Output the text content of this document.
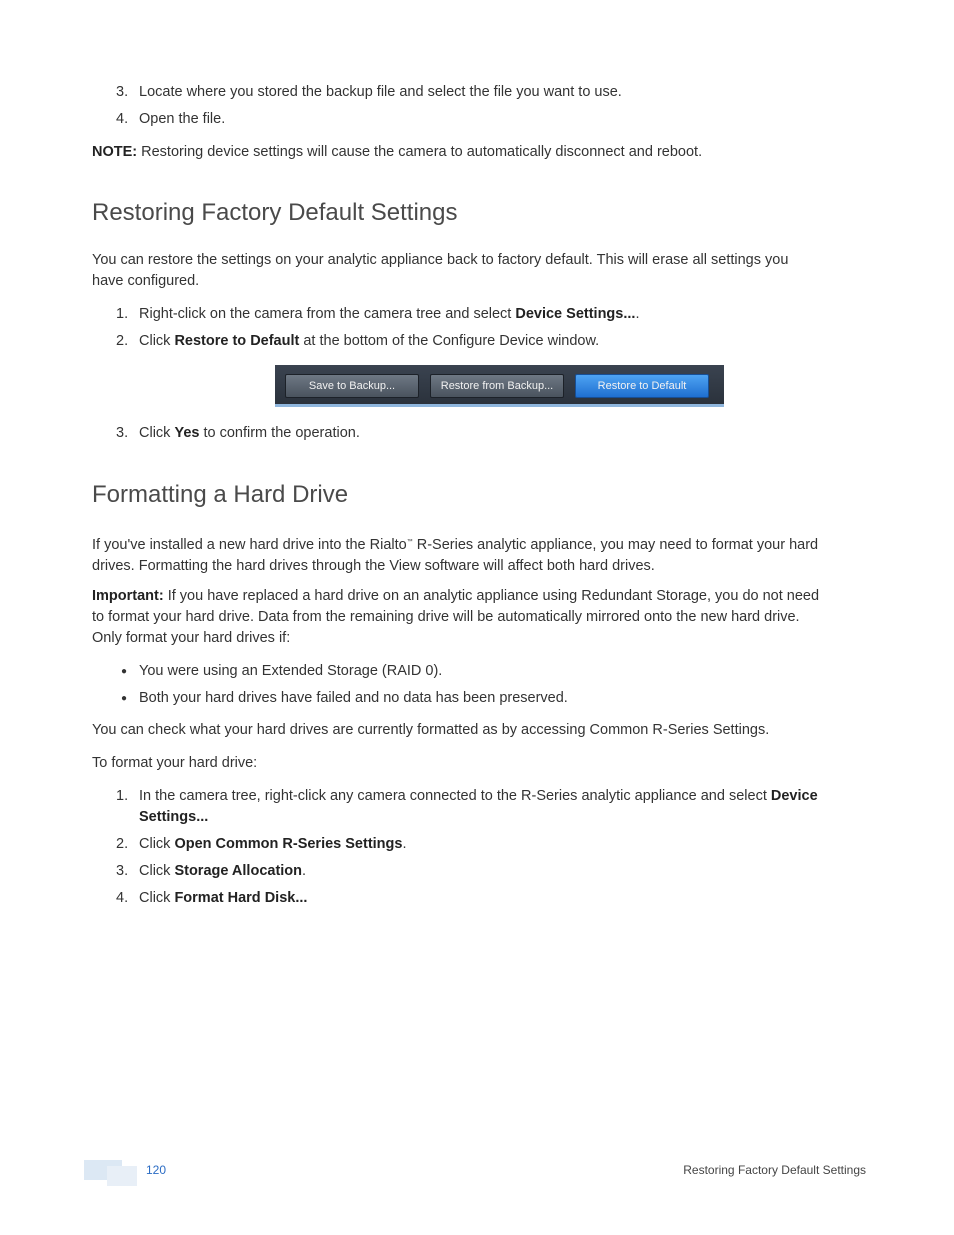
3. Locate where you stored the backup file and select the file you want to use.
4. Open the file.
NOTE: Restoring device settings will cause the camera to automatically disconnect and reboot.
Restoring Factory Default Settings
You can restore the settings on your analytic appliance back to factory default. This will erase all settings you
have configured.
1. Right-click on the camera from the camera tree and select Device Settings....
2. Click Restore to Default at the bottom of the Configure Device window.
Save to Backup...	Restore from Backup...	Restore to Default
3. Click Yes to confirm the operation.
Formatting a Hard Drive
If you've installed a new hard drive into the Rialto™ R-Series analytic appliance, you may need to format your hard
drives. Formatting the hard drives through the View software will affect both hard drives.
Important: If you have replaced a hard drive on an analytic appliance using Redundant Storage, you do not need
to format your hard drive. Data from the remaining drive will be automatically mirrored onto the new hard drive.
Only format your hard drives if:
● You were using an Extended Storage (RAID 0).
● Both your hard drives have failed and no data has been preserved.
You can check what your hard drives are currently formatted as by accessing Common R-Series Settings.
To format your hard drive:
1. In the camera tree, right-click any camera connected to the R-Series analytic appliance and select Device
Settings...
2. Click Open Common R-Series Settings.
3. Click Storage Allocation.
4. Click Format Hard Disk...
120	Restoring Factory Default Settings
